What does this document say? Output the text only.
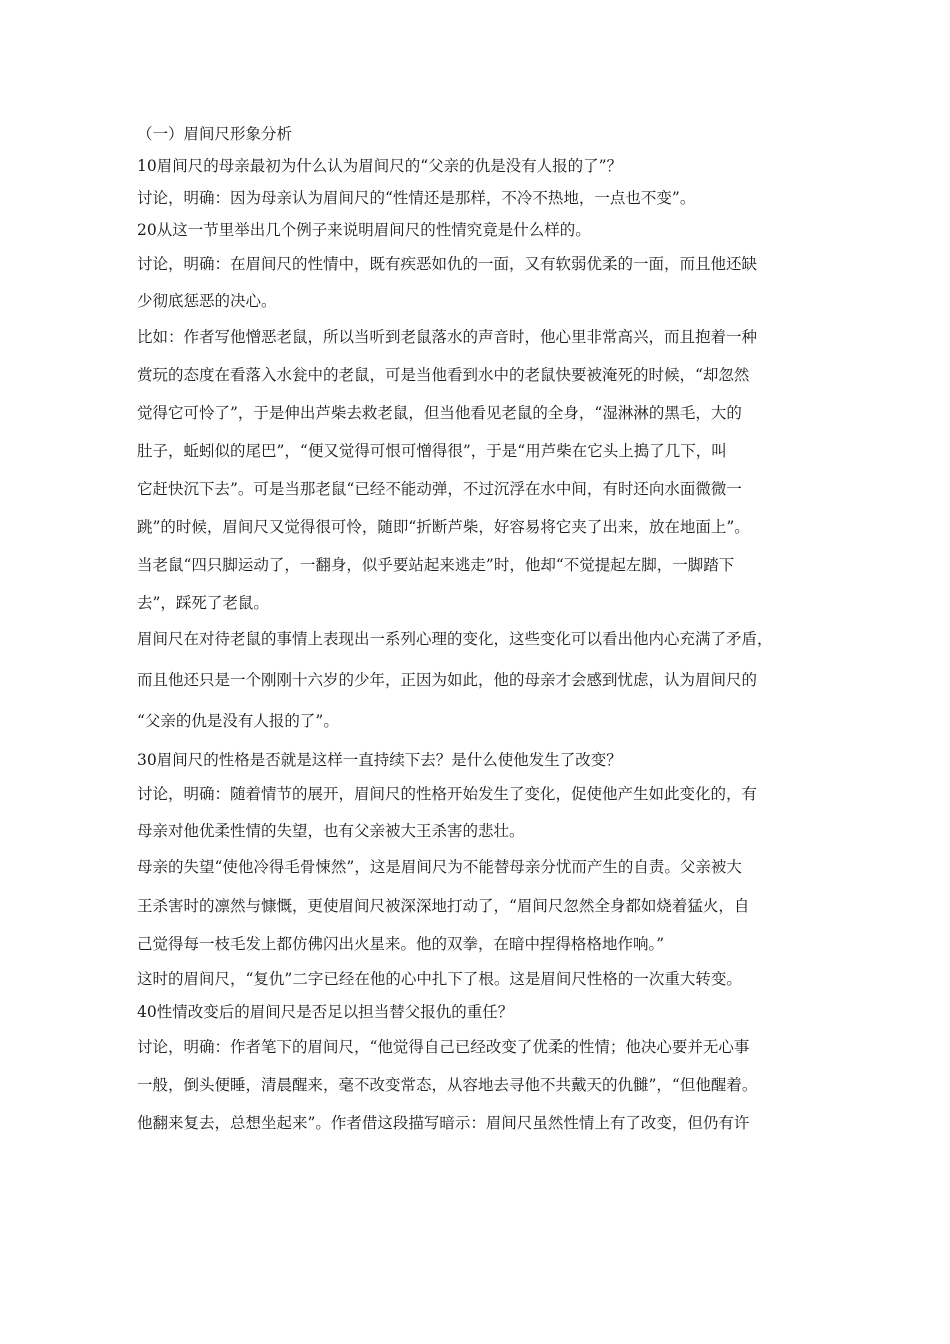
（一）眉间尺形象分析
10眉间尺的母亲最初为什么认为眉间尺的“父亲的仇是没有人报的了”？
讨论，明确：因为母亲认为眉间尺的“性情还是那样，不冷不热地，一点也不变”。
20从这一节里举出几个例子来说明眉间尺的性情究竟是什么样的。
讨论，明确：在眉间尺的性情中，既有疾恶如仇的一面，又有软弱优柔的一面，而且他还缺
少彻底惩恶的决心。
比如：作者写他憎恶老鼠，所以当听到老鼠落水的声音时，他心里非常高兴，而且抱着一种
赏玩的态度在看落入水瓮中的老鼠，可是当他看到水中的老鼠快要被淹死的时候，“却忽然
觉得它可怜了”，于是伸出芦柴去救老鼠，但当他看见老鼠的全身，“湿淋淋的黑毛，大的
肚子，蚯蚓似的尾巴”，“便又觉得可恨可憎得很”，于是“用芦柴在它头上搗了几下，叫
它赶快沉下去”。可是当那老鼠“已经不能动弹，不过沉浮在水中间，有时还向水面微微一
跳”的时候，眉间尺又觉得很可怜，随即“折断芦柴，好容易将它夹了出来，放在地面上”。
当老鼠“四只脚运动了，一翻身，似乎要站起来逃走”时，他却“不觉提起左脚，一脚踏下
去”，踩死了老鼠。
眉间尺在对待老鼠的事情上表现出一系列心理的变化，这些变化可以看出他内心充满了矛盾，
而且他还只是一个刚刚十六岁的少年，正因为如此，他的母亲才会感到忧虑，认为眉间尺的
“父亲的仇是没有人报的了”。
30眉间尺的性格是否就是这样一直持续下去？是什么使他发生了改变？
讨论，明确：随着情节的展开，眉间尺的性格开始发生了变化，促使他产生如此变化的，有
母亲对他优柔性情的失望，也有父亲被大王杀害的悲壮。
母亲的失望“使他冷得毛骨悚然”，这是眉间尺为不能替母亲分忧而产生的自责。父亲被大
王杀害时的凛然与慷慨，更使眉间尺被深深地打动了，“眉间尺忽然全身都如烧着猛火，自
己觉得每一枝毛发上都仿佛闪出火星来。他的双拳，在暗中捏得格格地作响。”
这时的眉间尺，“复仇”二字已经在他的心中扎下了根。这是眉间尺性格的一次重大转变。
40性情改变后的眉间尺是否足以担当替父报仇的重任？
讨论，明确：作者笔下的眉间尺，“他觉得自己已经改变了优柔的性情；他决心要并无心事
一般，倒头便睡，清晨醒来，毫不改变常态，从容地去寻他不共戴天的仇雠”，“但他醒着。
他翻来复去，总想坐起来”。作者借这段描写暗示：眉间尺虽然性情上有了改变，但仍有许
